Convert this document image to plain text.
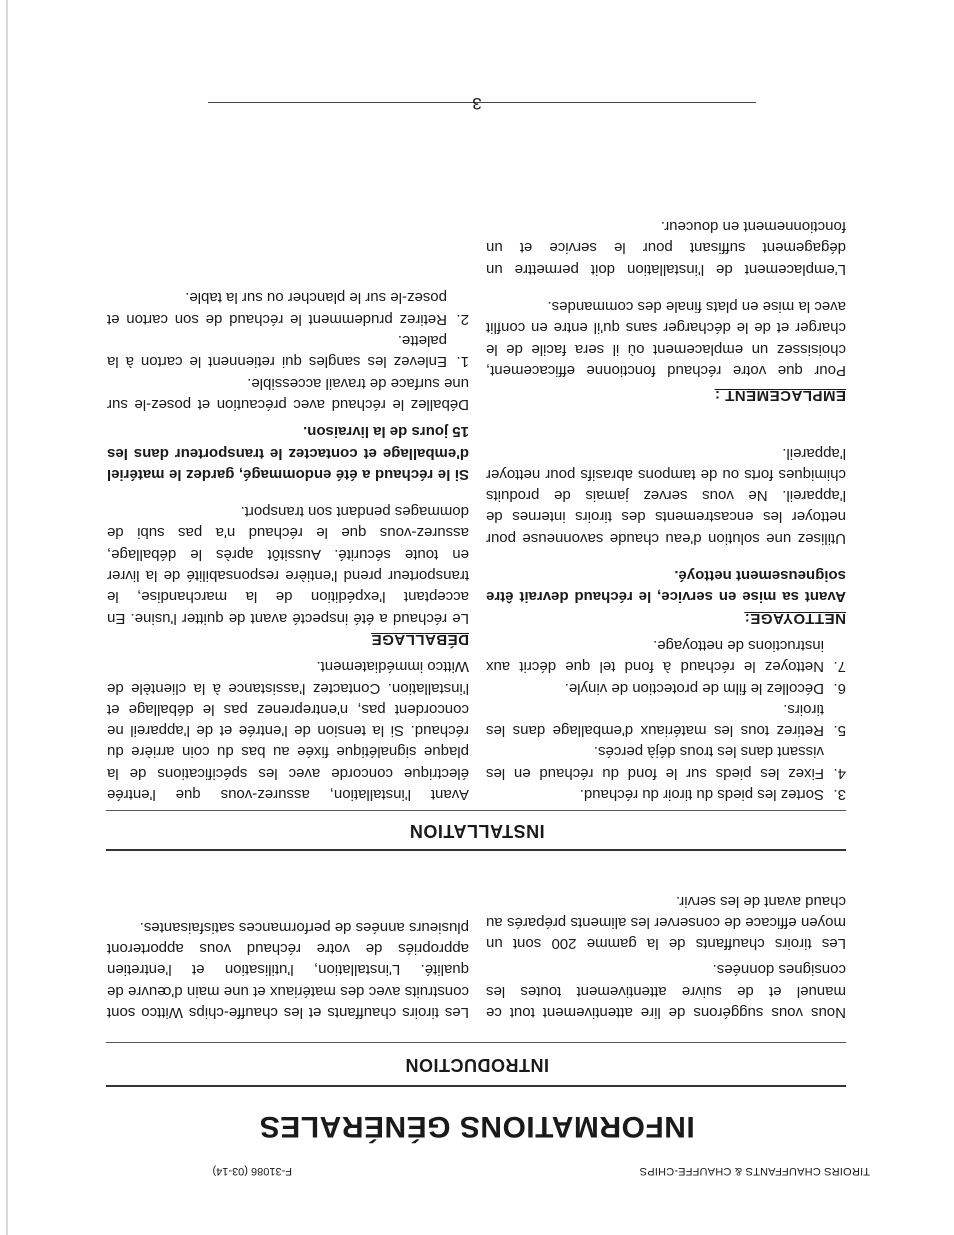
TIROIRS CHAUFFANTS & CHAUFFE-CHIPS
F-31086 (03-14)
INFORMATIONS GÉNÉRALES
INTRODUCTION

Les tiroirs chauffants et les chauffe-chips Wittco sont construits avec des matériaux et une main d'œuvre de qualité. L'installation, l'utilisation et l'entretien appropriés de votre réchaud vous apporteront plusieurs années de performances satisfaisantes.

Nous vous suggérons de lire attentivement tout ce manuel et de suivre attentivement toutes les consignes données.

Les tiroirs chauffants de la gamme 200 sont un moyen efficace de conserver les aliments préparés au chaud avant de les servir.

INSTALLATION

Avant l'installation, assurez-vous que l'entrée électrique concorde avec les spécifications de la plaque signalétique fixée au bas du coin arrière du réchaud. Si la tension de l'entrée et de l'appareil ne concordent pas, n'entreprenez pas le déballage et l'installation. Contactez l'assistance à la clientèle de Wittco immédiatement.

DÉBALLAGE

Le réchaud a été inspecté avant de quitter l'usine. En acceptant l'expédition de la marchandise, le transporteur prend l'entière responsabilité de la livrer en toute sécurité. Aussitôt après le déballage, assurez-vous que le réchaud n'a pas subi de dommages pendant son transport.

Si le réchaud a été endommagé, gardez le matériel d'emballage et contactez le transporteur dans les 15 jours de la livraison.

Déballez le réchaud avec précaution et posez-le sur une surface de travail accessible.

1.
Enlevez les sangles qui retiennent le carton à la palette.
2.
Retirez prudemment le réchaud de son carton et posez-le sur le plancher ou sur la table.
3.
Sortez les pieds du tiroir du réchaud.
4.
Fixez les pieds sur le fond du réchaud en les vissant dans les trous déjà percés.
5.
Retirez tous les matériaux d'emballage dans les tiroirs.
6.
Décollez le film de protection de vinyle.
7.
Nettoyez le réchaud à fond tel que décrit aux instructions de nettoyage.

NETTOYAGE:

Avant sa mise en service, le réchaud devrait être soigneusement nettoyé.

Utilisez une solution d'eau chaude savonneuse pour nettoyer les encastrements des tiroirs internes de l'appareil. Ne vous servez jamais de produits chimiques forts ou de tampons abrasifs pour nettoyer l'appareil.

EMPLACEMENT :

Pour que votre réchaud fonctionne efficacement, choisissez un emplacement où il sera facile de le charger et de le décharger sans qu'il entre en conflit avec la mise en plats finale des commandes.

L'emplacement de l'installation doit permettre un dégagement suffisant pour le service et un fonctionnement en douceur.

3
